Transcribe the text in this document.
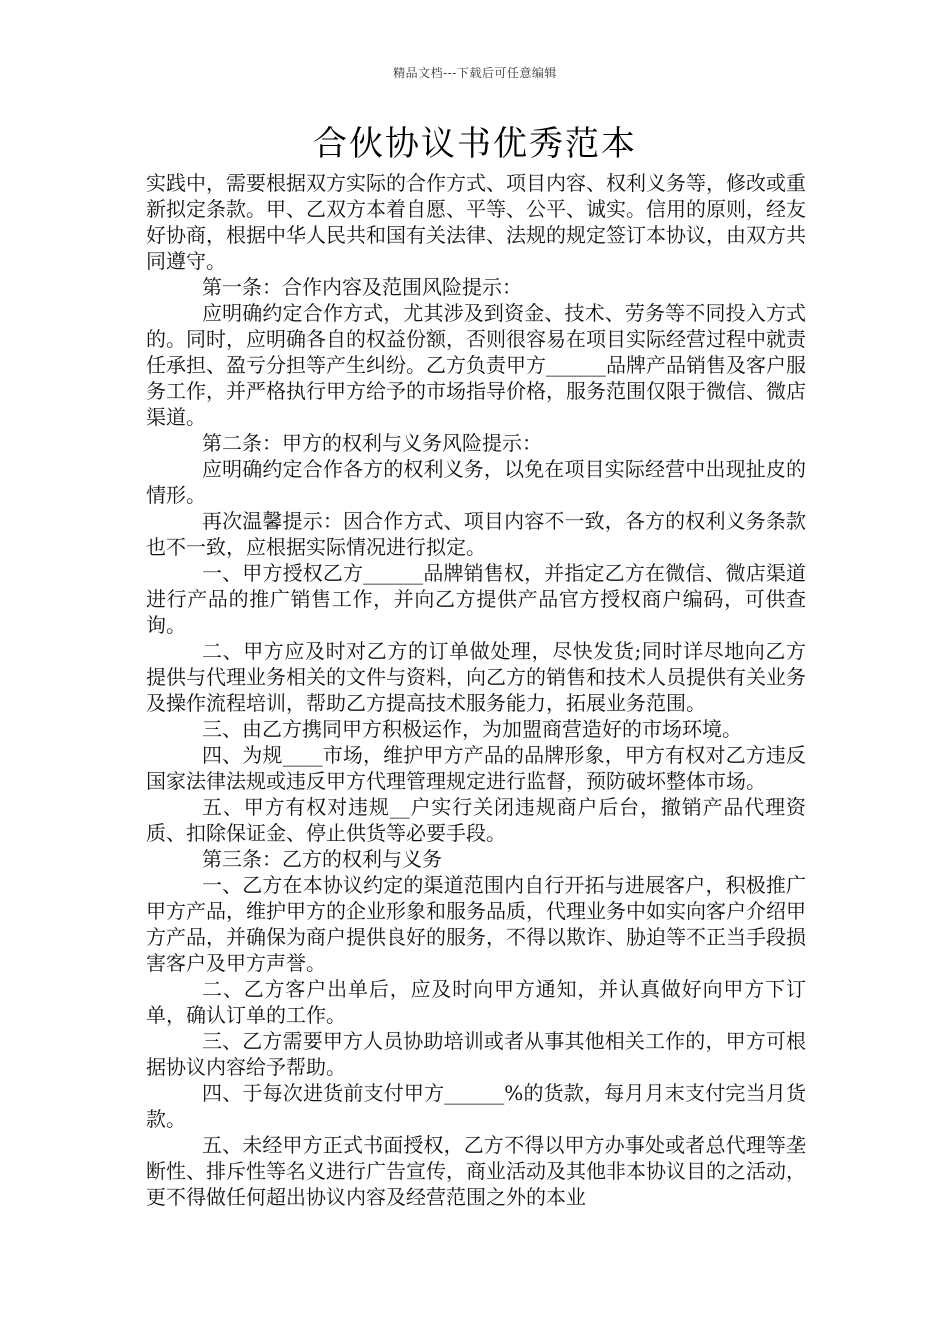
精品文档---下载后可任意编辑
合伙协议书优秀范本

实践中，需要根据双方实际的合作方式、项目内容、权利义务等，修改或重新拟定条款。甲、乙双方本着自愿、平等、公平、诚实。信用的原则，经友好协商，根据中华人民共和国有关法律、法规的规定签订本协议，由双方共同遵守。

第一条：合作内容及范围风险提示：

应明确约定合作方式，尤其涉及到资金、技术、劳务等不同投入方式的。同时，应明确各自的权益份额，否则很容易在项目实际经营过程中就责任承担、盈亏分担等产生纠纷。乙方负责甲方______品牌产品销售及客户服务工作，并严格执行甲方给予的市场指导价格，服务范围仅限于微信、微店渠道。

第二条：甲方的权利与义务风险提示：

应明确约定合作各方的权利义务，以免在项目实际经营中出现扯皮的情形。

再次温馨提示：因合作方式、项目内容不一致，各方的权利义务条款也不一致，应根据实际情况进行拟定。

一、甲方授权乙方______品牌销售权，并指定乙方在微信、微店渠道进行产品的推广销售工作，并向乙方提供产品官方授权商户编码，可供查询。

二、甲方应及时对乙方的订单做处理，尽快发货;同时详尽地向乙方提供与代理业务相关的文件与资料，向乙方的销售和技术人员提供有关业务及操作流程培训，帮助乙方提高技术服务能力，拓展业务范围。

三、由乙方携同甲方积极运作，为加盟商营造好的市场环境。

四、为规____市场，维护甲方产品的品牌形象，甲方有权对乙方违反国家法律法规或违反甲方代理管理规定进行监督，预防破坏整体市场。

五、甲方有权对违规__户实行关闭违规商户后台，撤销产品代理资质、扣除保证金、停止供货等必要手段。

第三条：乙方的权利与义务

一、乙方在本协议约定的渠道范围内自行开拓与进展客户，积极推广甲方产品，维护甲方的企业形象和服务品质，代理业务中如实向客户介绍甲方产品，并确保为商户提供良好的服务，不得以欺诈、胁迫等不正当手段损害客户及甲方声誉。

二、乙方客户出单后，应及时向甲方通知，并认真做好向甲方下订单，确认订单的工作。

三、乙方需要甲方人员协助培训或者从事其他相关工作的，甲方可根据协议内容给予帮助。

四、于每次进货前支付甲方______%的货款，每月月末支付完当月货款。

五、未经甲方正式书面授权，乙方不得以甲方办事处或者总代理等垄断性、排斥性等名义进行广告宣传，商业活动及其他非本协议目的之活动，更不得做任何超出协议内容及经营范围之外的本业
